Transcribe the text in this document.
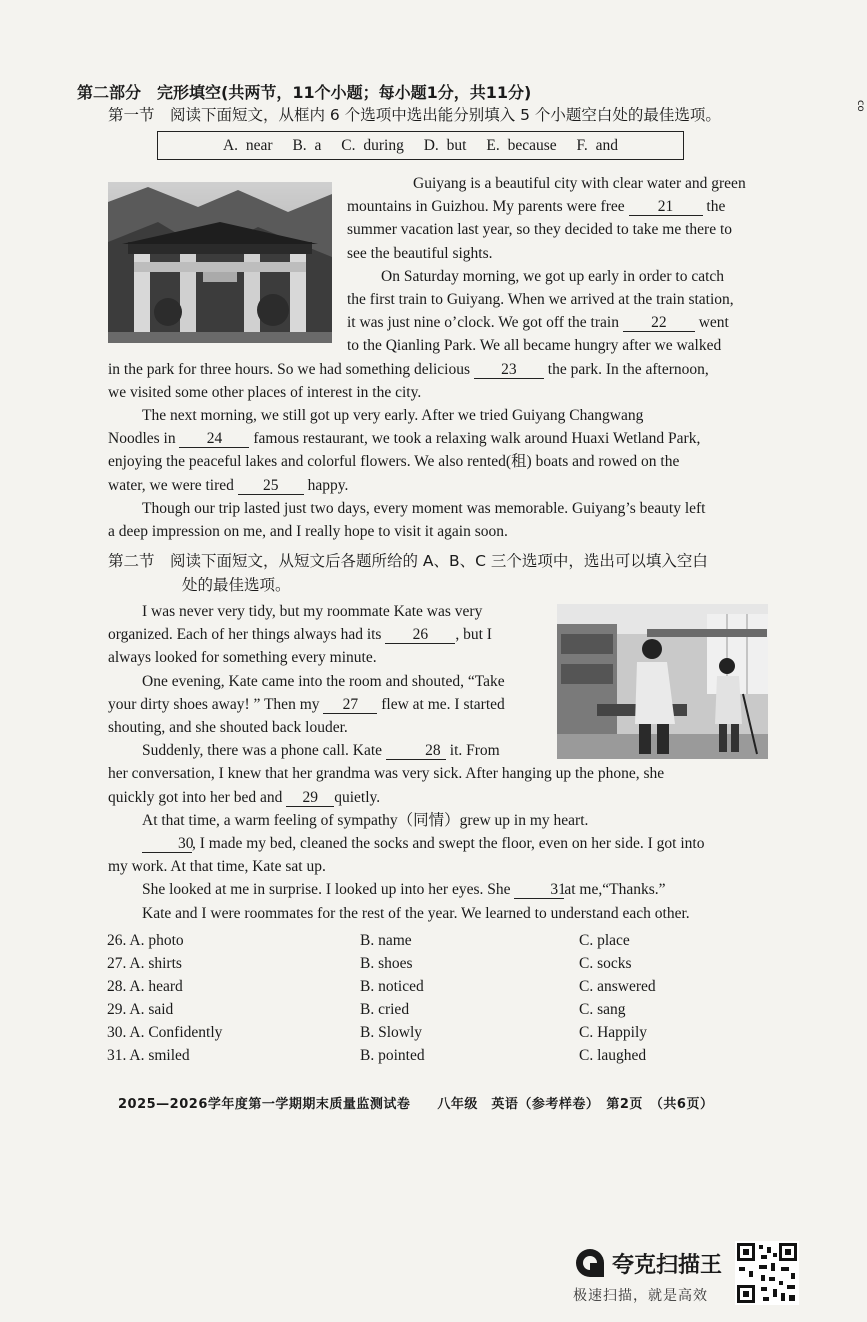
第二部分　完形填空(共两节，11个小题；每小题1分，共11分)
第一节　阅读下面短文，从框内 6 个选项中选出能分别填入 5 个小题空白处的最佳选项。
co
A. near B. a C. during D. but E. because F. and
Guiyang is a beautiful city with clear water and green
mountains in Guizhou. My parents were free 21 the
summer vacation last year, so they decided to take me there to
see the beautiful sights.
On Saturday morning, we got up early in order to catch
the first train to Guiyang. When we arrived at the train station,
it was just nine o’clock. We got off the train 22 went
to the Qianling Park. We all became hungry after we walked
in the park for three hours. So we had something delicious 23 the park. In the afternoon,
we visited some other places of interest in the city.
The next morning, we still got up very early. After we tried Guiyang Changwang
Noodles in 24 famous restaurant, we took a relaxing walk around Huaxi Wetland Park,
enjoying the peaceful lakes and colorful flowers. We also rented(租) boats and rowed on the
water, we were tired 25 happy.
Though our trip lasted just two days, every moment was memorable. Guiyang’s beauty left
a deep impression on me, and I really hope to visit it again soon.
第二节　阅读下面短文，从短文后各题所给的 A、B、C 三个选项中，选出可以填入空白
处的最佳选项。
I was never very tidy, but my roommate Kate was very
organized. Each of her things always had its 26 , but I
always looked for something every minute.
One evening, Kate came into the room and shouted, “Take
your dirty shoes away! ” Then my 27 flew at me. I started
shouting, and she shouted back louder.
Suddenly, there was a phone call. Kate	28 it. From
her conversation, I knew that her grandma was very sick. After hanging up the phone, she
quickly got into her bed and 29 quietly.
At that time, a warm feeling of sympathy（同情）grew up in my heart.
30, I made my bed, cleaned the socks and swept the floor, even on her side. I got into
my work. At that time, Kate sat up.
She looked at me in surprise. I looked up into her eyes. She	31at me,“Thanks.”
Kate and I were roommates for the rest of the year. We learned to understand each other.
26. A. photo	B. name	C. place
27. A. shirts	B. shoes	C. socks
28. A. heard	B. noticed	C. answered
29. A. said	B. cried	C. sang
30. A. Confidently	B. Slowly	C. Happily
31. A. smiled	B. pointed	C. laughed
2025—2026学年度第一学期期末质量监测试卷　　八年级　英语（参考样卷）　第2页　（共6页）
夸克扫描王
极速扫描，就是高效
